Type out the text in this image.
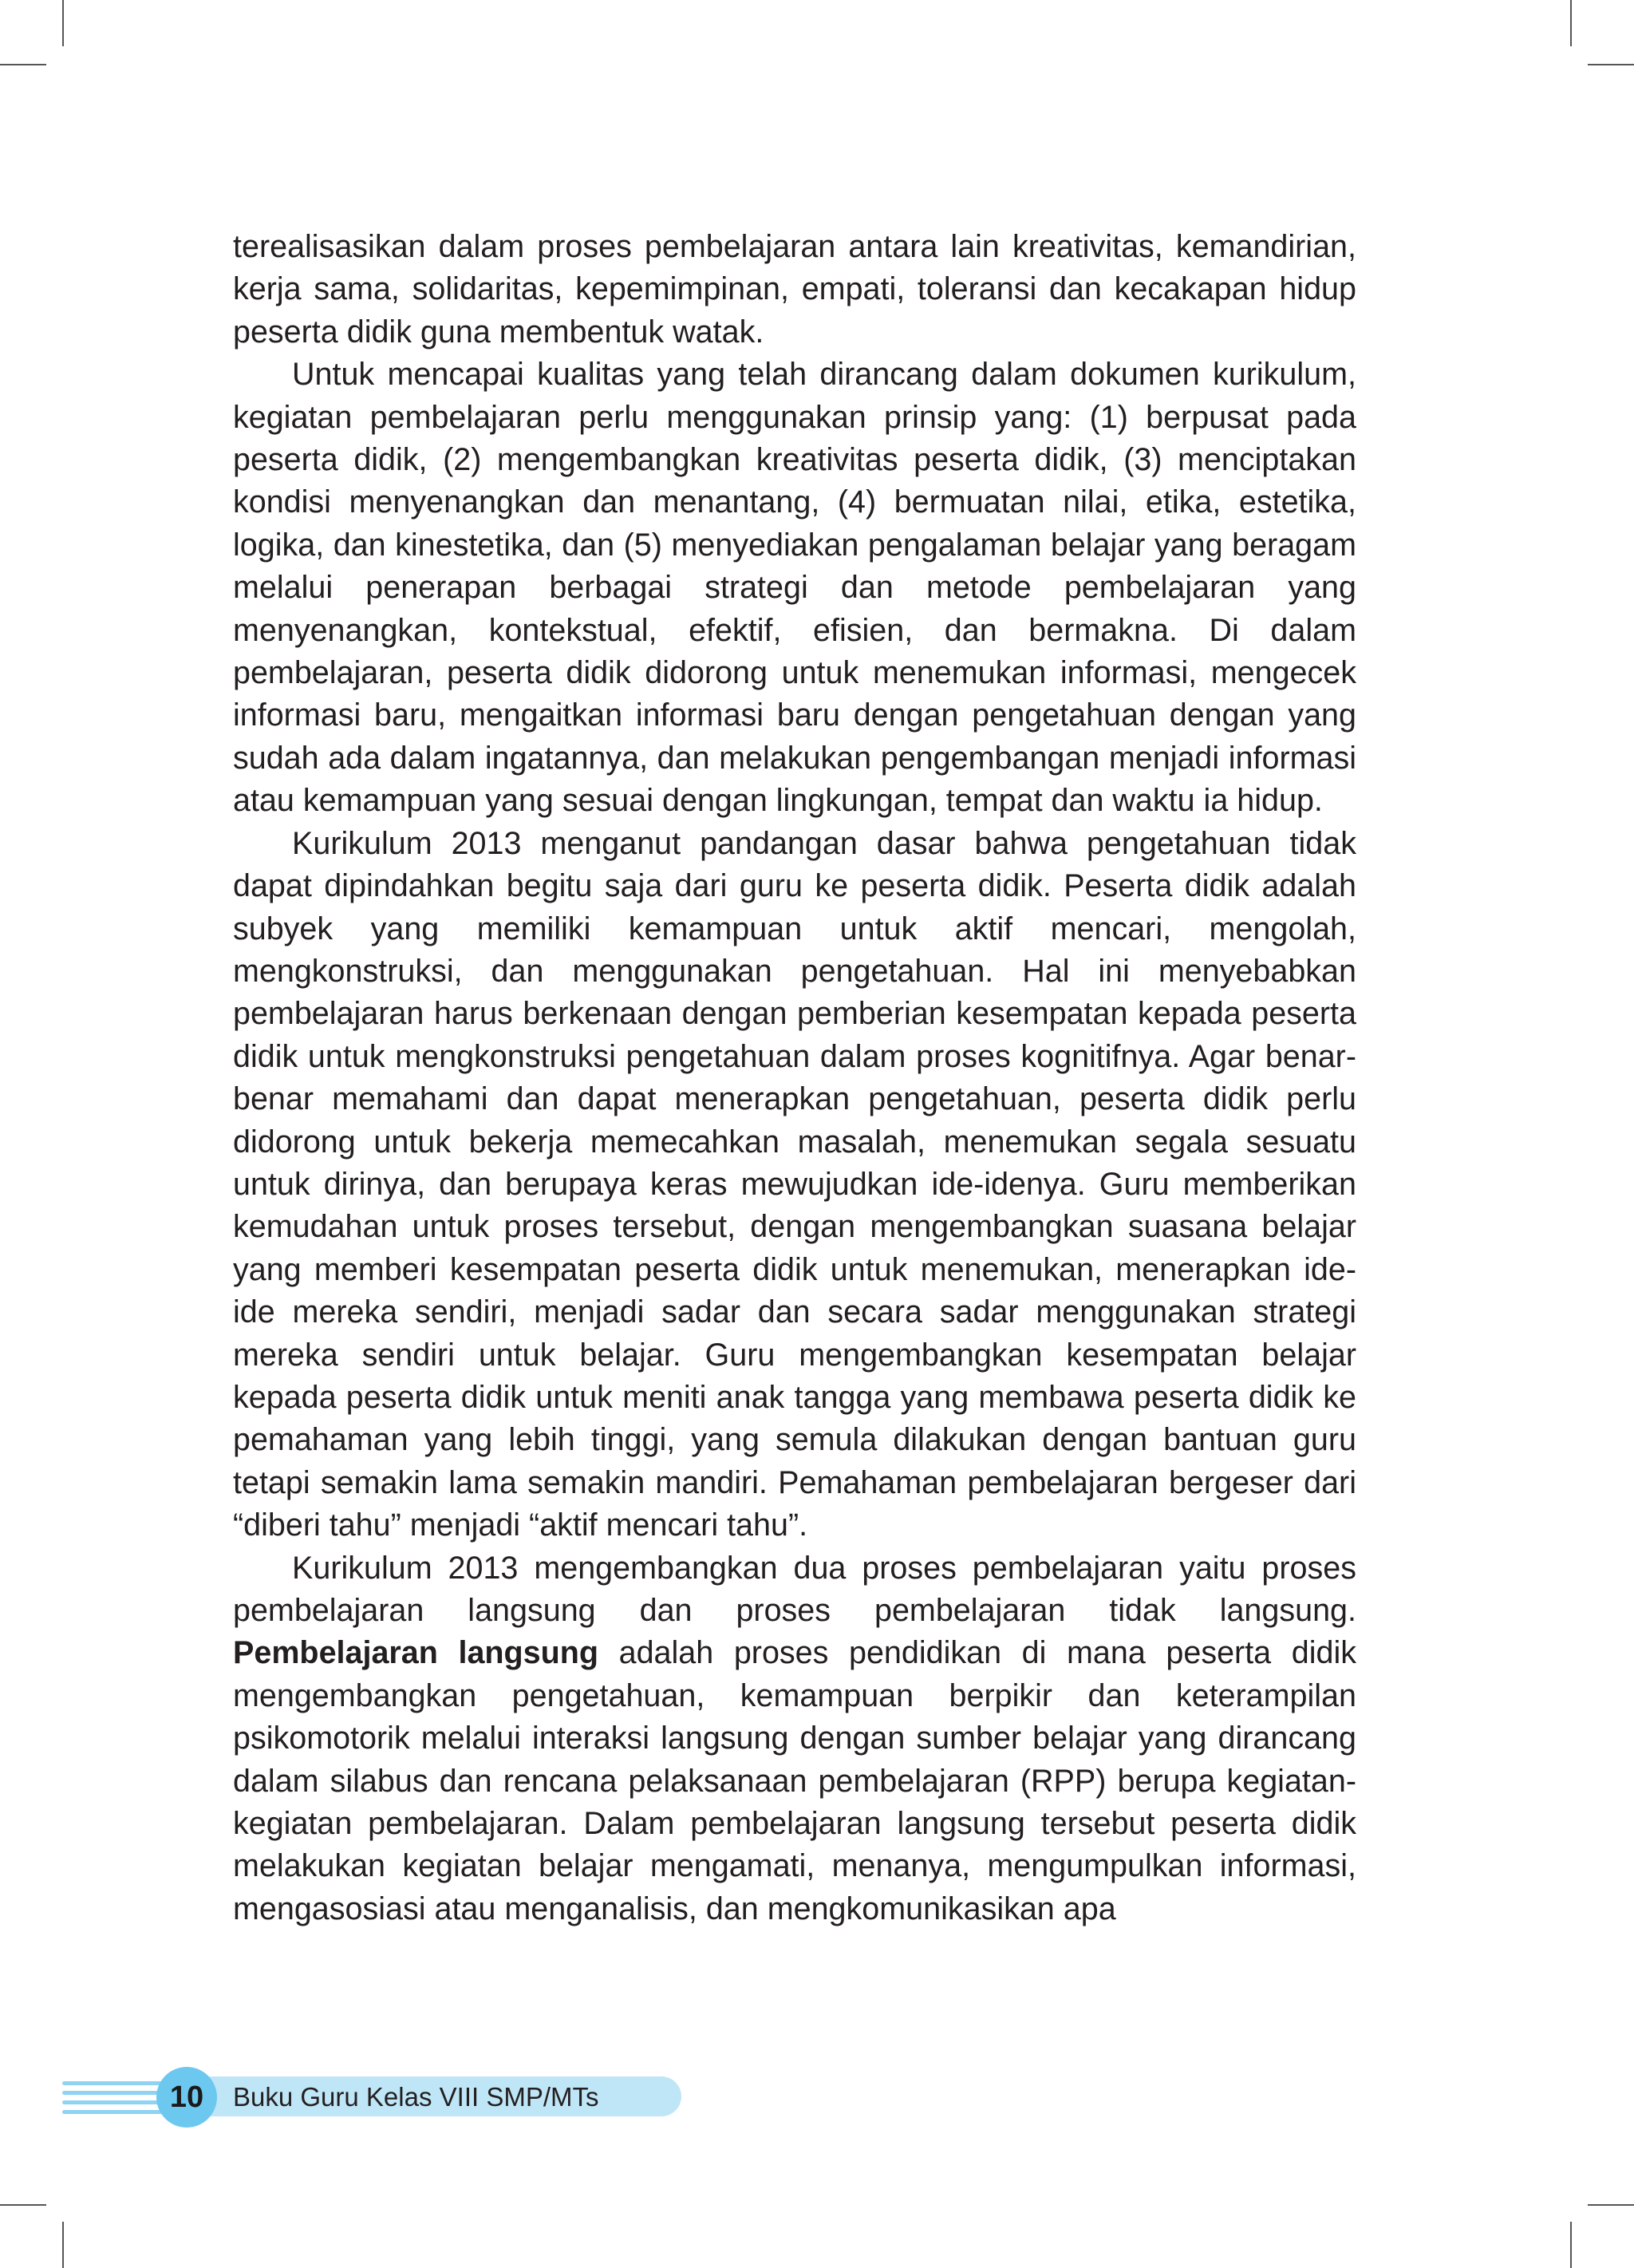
terealisasikan dalam proses pembelajaran antara lain kreativitas, kemandirian, kerja sama, solidaritas, kepemimpinan, empati, toleransi dan kecakapan hidup peserta didik guna membentuk watak.

Untuk mencapai kualitas yang telah dirancang dalam dokumen kurikulum, kegiatan pembelajaran perlu menggunakan prinsip yang: (1) berpusat pada peserta didik, (2) mengembangkan kreativitas peserta didik, (3) menciptakan kondisi menyenangkan dan menantang, (4) bermuatan nilai, etika, estetika, logika, dan kinestetika, dan (5) menyediakan pengalaman belajar yang beragam melalui penerapan berbagai strategi dan metode pembelajaran yang menyenangkan, kontekstual, efektif, efisien, dan bermakna. Di dalam pembelajaran, peserta didik didorong untuk menemukan informasi, mengecek informasi baru, mengaitkan informasi baru dengan pengetahuan dengan yang sudah ada dalam ingatannya, dan melakukan pengembangan menjadi informasi atau kemampuan yang sesuai dengan lingkungan, tempat dan waktu ia hidup.

Kurikulum 2013 menganut pandangan dasar bahwa pengetahuan tidak dapat dipindahkan begitu saja dari guru ke peserta didik. Peserta didik adalah subyek yang memiliki kemampuan untuk aktif mencari, mengolah, mengkonstruksi, dan menggunakan pengetahuan. Hal ini menyebabkan pembelajaran harus berkenaan dengan pemberian kesempatan kepada peserta didik untuk mengkonstruksi pengetahuan dalam proses kognitifnya. Agar benar-benar memahami dan dapat menerapkan pengetahuan, peserta didik perlu didorong untuk bekerja memecahkan masalah, menemukan segala sesuatu untuk dirinya, dan berupaya keras mewujudkan ide-idenya. Guru memberikan kemudahan untuk proses tersebut, dengan mengembangkan suasana belajar yang memberi kesempatan peserta didik untuk menemukan, menerapkan ide-ide mereka sendiri, menjadi sadar dan secara sadar menggunakan strategi mereka sendiri untuk belajar. Guru mengembangkan kesempatan belajar kepada peserta didik untuk meniti anak tangga yang membawa peserta didik ke pemahaman yang lebih tinggi, yang semula dilakukan dengan bantuan guru tetapi semakin lama semakin mandiri. Pemahaman pembelajaran bergeser dari “diberi tahu” menjadi “aktif mencari tahu”.

Kurikulum 2013 mengembangkan dua proses pembelajaran yaitu proses pembelajaran langsung dan proses pembelajaran tidak langsung. Pembelajaran langsung adalah proses pendidikan di mana peserta didik mengembangkan pengetahuan, kemampuan berpikir dan keterampilan psikomotorik melalui interaksi langsung dengan sumber belajar yang dirancang dalam silabus dan rencana pelaksanaan pembelajaran (RPP) berupa kegiatan-kegiatan pembelajaran. Dalam pembelajaran langsung tersebut peserta didik melakukan kegiatan belajar mengamati, menanya, mengumpulkan informasi, mengasosiasi atau menganalisis, dan mengkomunikasikan apa

10	Buku Guru Kelas VIII SMP/MTs
